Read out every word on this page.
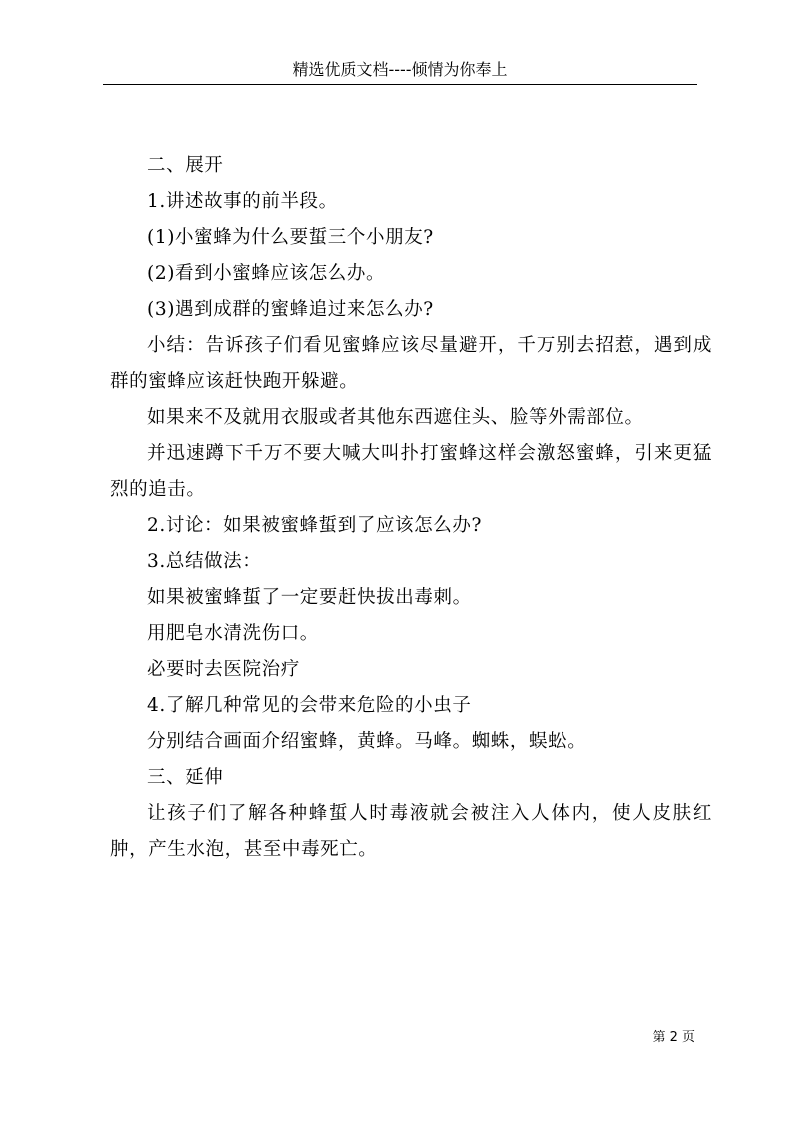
精选优质文档----倾情为你奉上
二、展开
1.讲述故事的前半段。
(1)小蜜蜂为什么要蜇三个小朋友?
(2)看到小蜜蜂应该怎么办。
(3)遇到成群的蜜蜂追过来怎么办?
小结：告诉孩子们看见蜜蜂应该尽量避开，千万别去招惹，遇到成群的蜜蜂应该赶快跑开躲避。
如果来不及就用衣服或者其他东西遮住头、脸等外需部位。
并迅速蹲下千万不要大喊大叫扑打蜜蜂这样会激怒蜜蜂，引来更猛烈的追击。
2.讨论：如果被蜜蜂蜇到了应该怎么办?
3.总结做法：
如果被蜜蜂蜇了一定要赶快拔出毒刺。
用肥皂水清洗伤口。
必要时去医院治疗
4.了解几种常见的会带来危险的小虫子
分别结合画面介绍蜜蜂，黄蜂。马峰。蜘蛛，蜈蚣。
三、延伸
让孩子们了解各种蜂蜇人时毒液就会被注入人体内，使人皮肤红肿，产生水泡，甚至中毒死亡。
第 2 页
